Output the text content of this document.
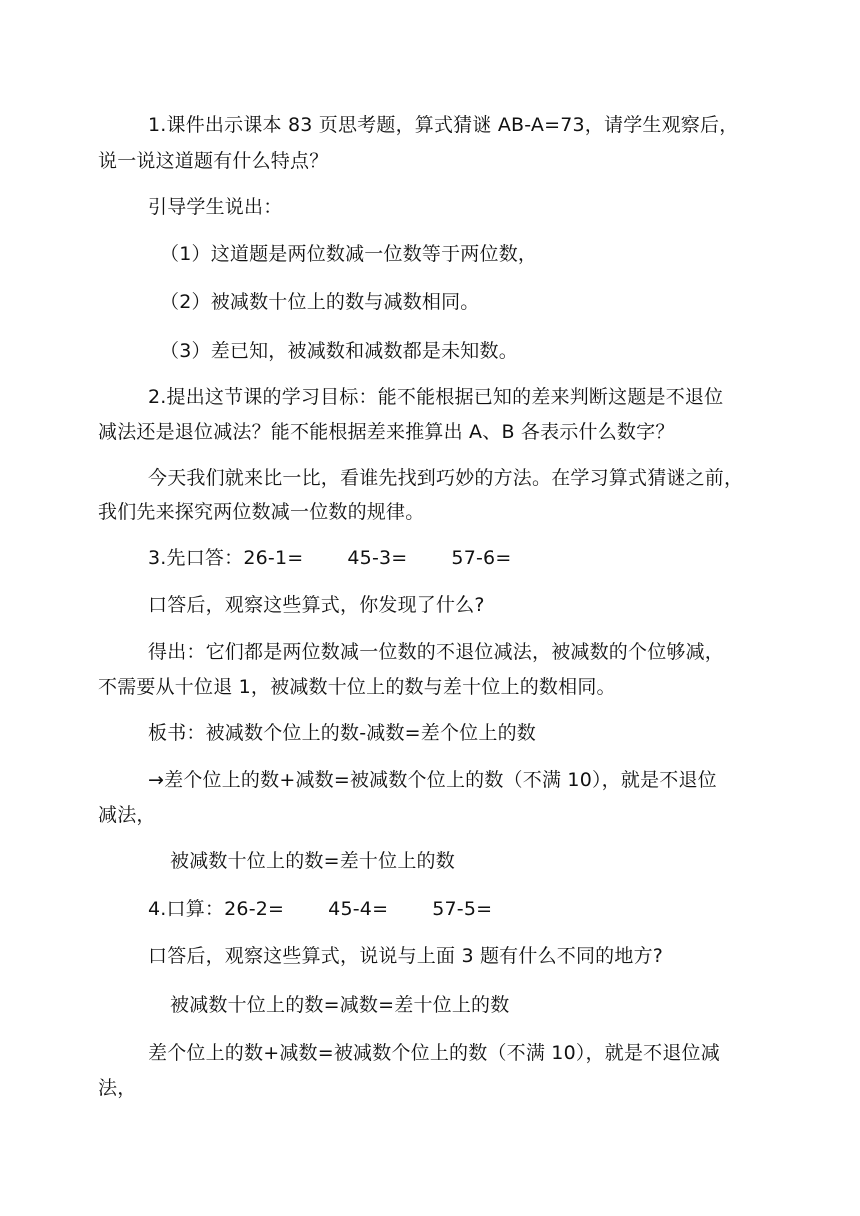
1.课件出示课本 83 页思考题，算式猜谜 AB-A=73，请学生观察后，
说一说这道题有什么特点？
引导学生说出：
（1）这道题是两位数减一位数等于两位数，
（2）被减数十位上的数与减数相同。
（3）差已知，被减数和减数都是未知数。
2.提出这节课的学习目标：能不能根据已知的差来判断这题是不退位
减法还是退位减法？能不能根据差来推算出 A、B 各表示什么数字？
今天我们就来比一比，看谁先找到巧妙的方法。在学习算式猜谜之前，
我们先来探究两位数减一位数的规律。
3.先口答：26-1= 45-3= 57-6=
口答后，观察这些算式，你发现了什么?
得出：它们都是两位数减一位数的不退位减法，被减数的个位够减，
不需要从十位退 1，被减数十位上的数与差十位上的数相同。
板书：被减数个位上的数-减数=差个位上的数
→差个位上的数+减数=被减数个位上的数（不满 10），就是不退位
减法，
被减数十位上的数=差十位上的数
4.口算：26-2= 45-4= 57-5=
口答后，观察这些算式，说说与上面 3 题有什么不同的地方?
被减数十位上的数=减数=差十位上的数
差个位上的数+减数=被减数个位上的数（不满 10），就是不退位减
法，
